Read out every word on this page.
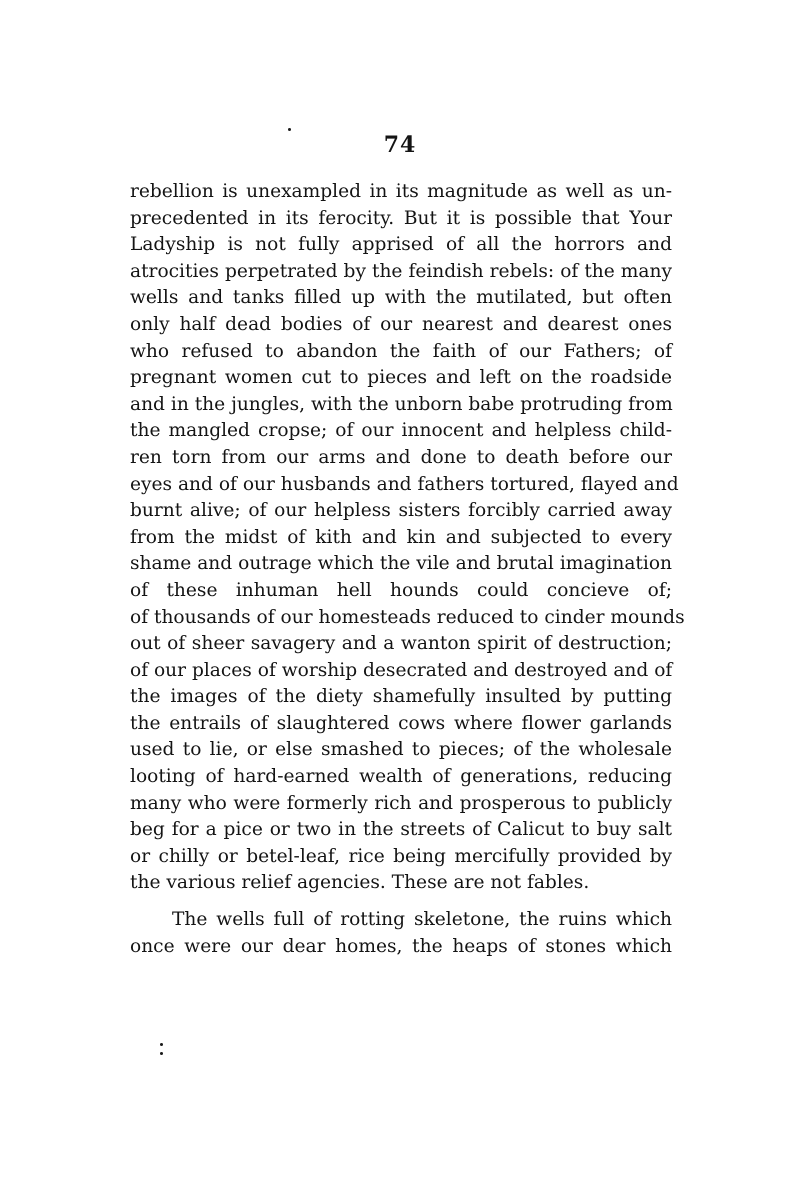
74
rebellion is unexampled in its magnitude as well as un-
precedented in its ferocity. But it is possible that Your
Ladyship is not fully apprised of all the horrors and
atrocities perpetrated by the feindish rebels: of the many
wells and tanks filled up with the mutilated, but often
only half dead bodies of our nearest and dearest ones
who refused to abandon the faith of our Fathers; of
pregnant women cut to pieces and left on the roadside
and in the jungles, with the unborn babe protruding from
the mangled cropse; of our innocent and helpless child-
ren torn from our arms and done to death before our
eyes and of our husbands and fathers tortured, flayed and
burnt alive; of our helpless sisters forcibly carried away
from the midst of kith and kin and subjected to every
shame and outrage which the vile and brutal imagination
of these inhuman hell hounds could concieve of;
of thousands of our homesteads reduced to cinder mounds
out of sheer savagery and a wanton spirit of destruction;
of our places of worship desecrated and destroyed and of
the images of the diety shamefully insulted by putting
the entrails of slaughtered cows where flower garlands
used to lie, or else smashed to pieces; of the wholesale
looting of hard-earned wealth of generations, reducing
many who were formerly rich and prosperous to publicly
beg for a pice or two in the streets of Calicut to buy salt
or chilly or betel-leaf, rice being mercifully provided by
the various relief agencies. These are not fables.
The wells full of rotting skeletone, the ruins which
once were our dear homes, the heaps of stones which
